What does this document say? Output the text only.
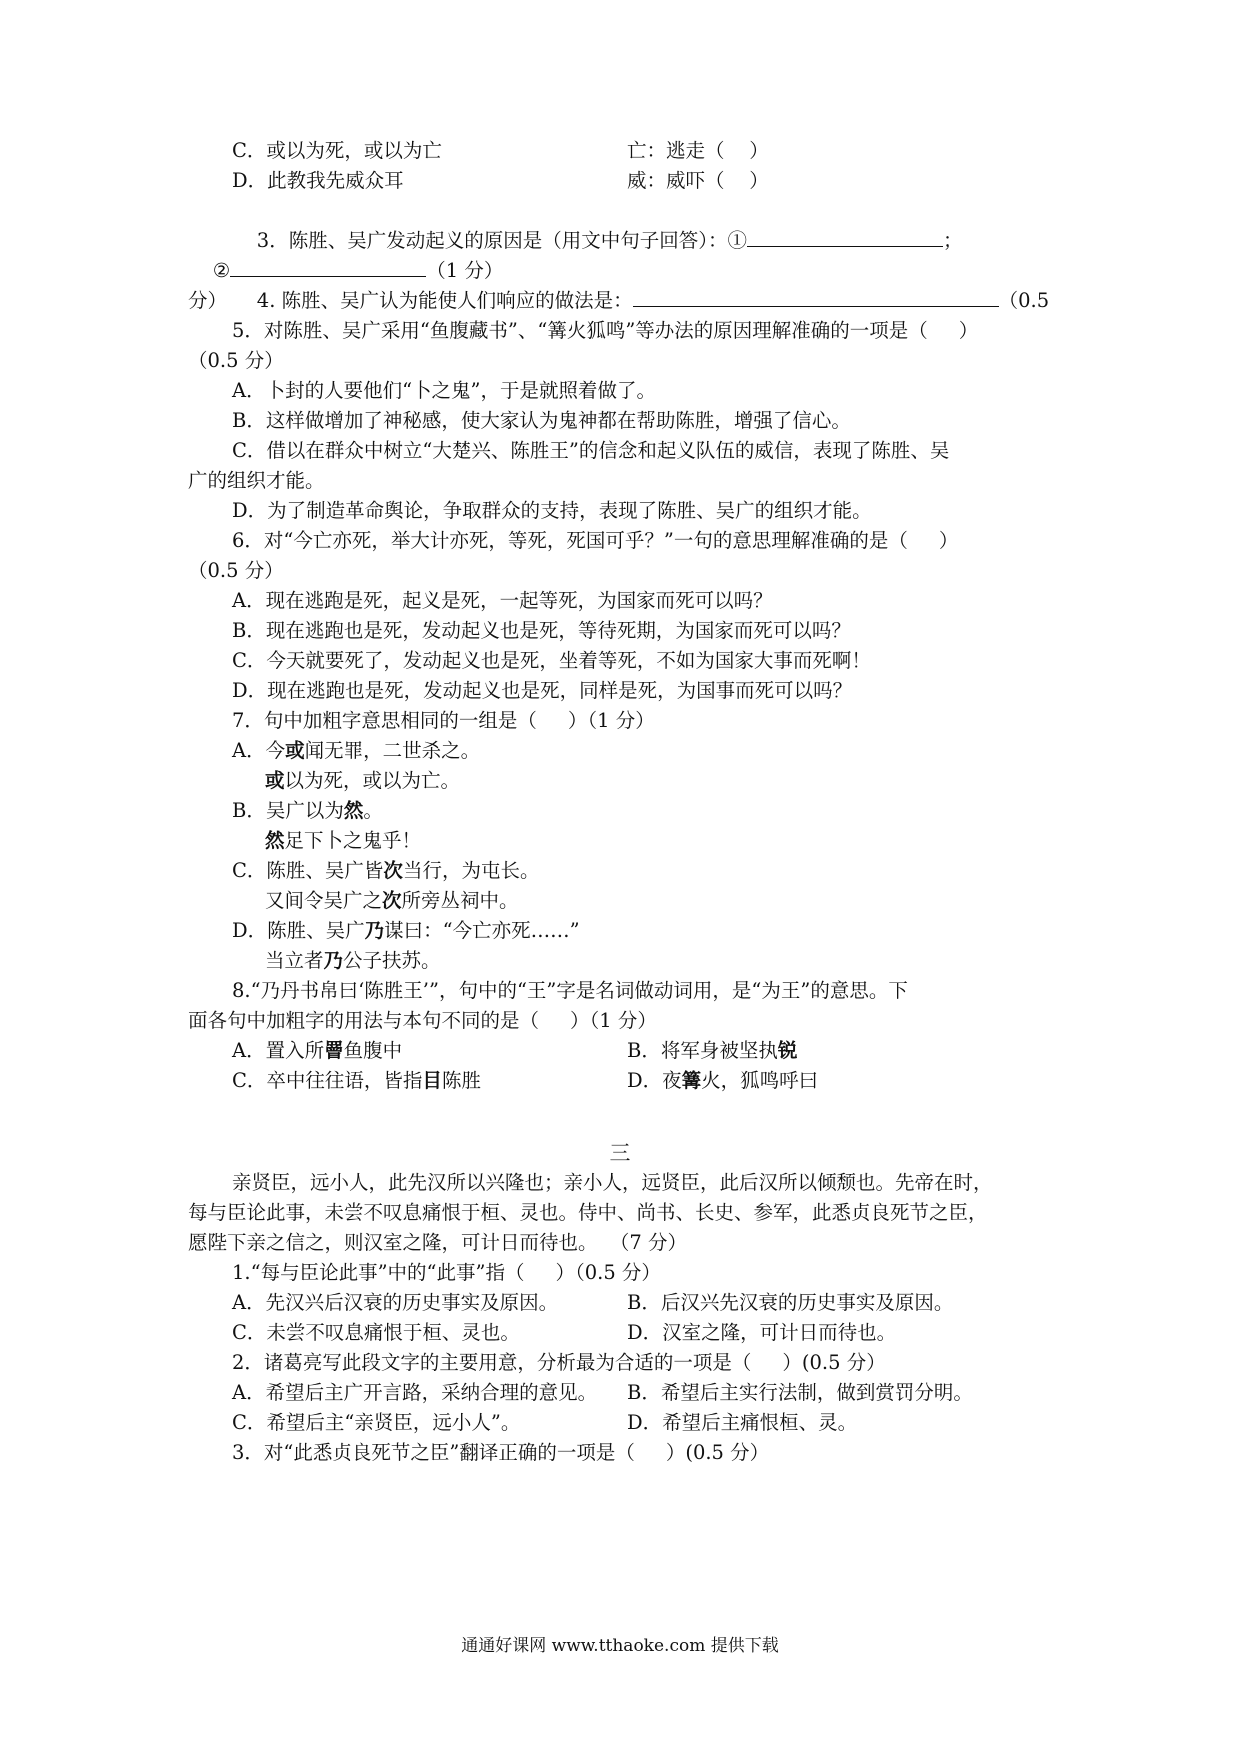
C．或以为死，或以为亡	亡：逃走（    ）
D．此教我先威众耳	威：威吓（    ）

3．陈胜、吴广发动起义的原因是（用文中句子回答）：①	；

②	（1 分）

4. 陈胜、吴广认为能使人们响应的做法是：	（0.5

分）
5．对陈胜、吴广采用“鱼腹藏书”、“篝火狐鸣”等办法的原因理解准确的一项是（     ）
（0.5 分）
A．卜封的人要他们“卜之鬼”，于是就照着做了。
B．这样做增加了神秘感，使大家认为鬼神都在帮助陈胜，增强了信心。
C．借以在群众中树立“大楚兴、陈胜王”的信念和起义队伍的威信，表现了陈胜、吴
广的组织才能。
D．为了制造革命舆论，争取群众的支持，表现了陈胜、吴广的组织才能。
6．对“今亡亦死，举大计亦死，等死，死国可乎？”一句的意思理解准确的是（     ）
（0.5 分）
A．现在逃跑是死，起义是死，一起等死，为国家而死可以吗？
B．现在逃跑也是死，发动起义也是死，等待死期，为国家而死可以吗？
C．今天就要死了，发动起义也是死，坐着等死，不如为国家大事而死啊！
D．现在逃跑也是死，发动起义也是死，同样是死，为国事而死可以吗？
7．句中加粗字意思相同的一组是（     ）（1 分）
A．今或闻无罪，二世杀之。
或以为死，或以为亡。
B．吴广以为然。
然足下卜之鬼乎！
C．陈胜、吴广皆次当行，为屯长。
又间令吴广之次所旁丛祠中。
D．陈胜、吴广乃谋曰：“今亡亦死……”
当立者乃公子扶苏。
8.“乃丹书帛曰‘陈胜王’”，句中的“王”字是名词做动词用，是“为王”的意思。下
面各句中加粗字的用法与本句不同的是（     ）（1 分）
A．置入所罾鱼腹中	B．将军身被坚执锐
C．卒中往往语，皆指目陈胜	D．夜篝火，狐鸣呼曰
三
亲贤臣，远小人，此先汉所以兴隆也；亲小人，远贤臣，此后汉所以倾颓也。先帝在时，
每与臣论此事，未尝不叹息痛恨于桓、灵也。侍中、尚书、长史、参军，此悉贞良死节之臣，
愿陛下亲之信之，则汉室之隆，可计日而待也。  （7 分）
1.“每与臣论此事”中的“此事”指（     ）（0.5 分）
A．先汉兴后汉衰的历史事实及原因。	B．后汉兴先汉衰的历史事实及原因。
C．未尝不叹息痛恨于桓、灵也。	D．汉室之隆，可计日而待也。
2．诸葛亮写此段文字的主要用意，分析最为合适的一项是（     ）(0.5 分）
A．希望后主广开言路，采纳合理的意见。 B．希望后主实行法制，做到赏罚分明。
C．希望后主“亲贤臣，远小人”。	D．希望后主痛恨桓、灵。
3．对“此悉贞良死节之臣”翻译正确的一项是（     ）(0.5 分）
通通好课网 www.tthaoke.com 提供下载
